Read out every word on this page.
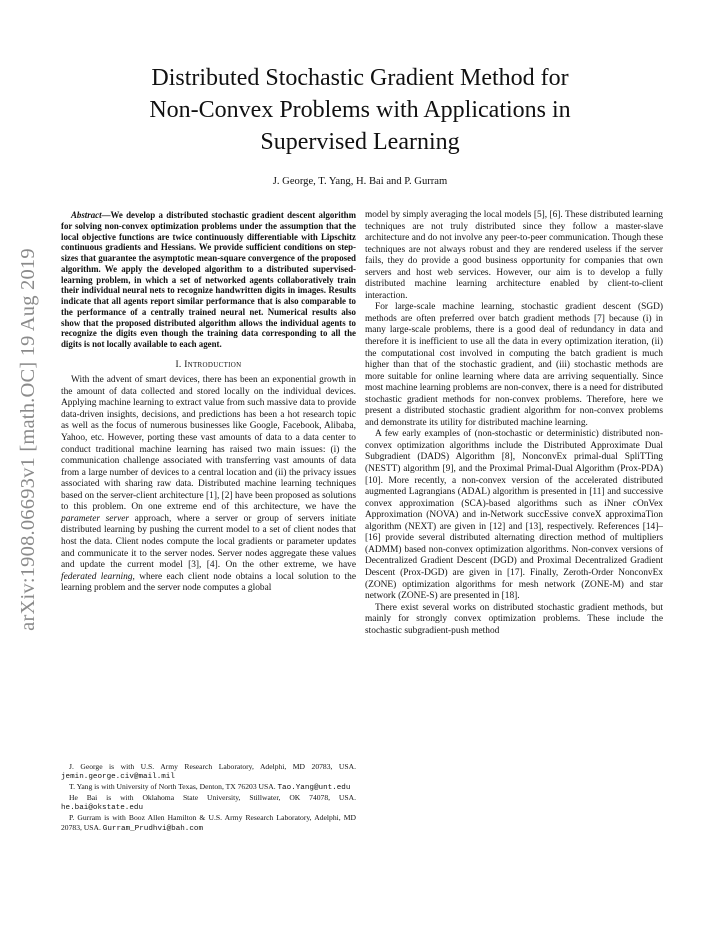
arXiv:1908.06693v1 [math.OC] 19 Aug 2019
Distributed Stochastic Gradient Method for
Non-Convex Problems with Applications in
Supervised Learning
J. George, T. Yang, H. Bai and P. Gurram

Abstract—We develop a distributed stochastic gradient descent algorithm for solving non-convex optimization problems under the assumption that the local objective functions are twice continuously differentiable with Lipschitz continuous gradients and Hessians. We provide sufficient conditions on step-sizes that guarantee the asymptotic mean-square convergence of the proposed algorithm. We apply the developed algorithm to a distributed supervised-learning problem, in which a set of networked agents collaboratively train their individual neural nets to recognize handwritten digits in images. Results indicate that all agents report similar performance that is also comparable to the performance of a centrally trained neural net. Numerical results also show that the proposed distributed algorithm allows the individual agents to recognize the digits even though the training data corresponding to all the digits is not locally available to each agent.

I. Introduction

With the advent of smart devices, there has been an exponential growth in the amount of data collected and stored locally on the individual devices. Applying machine learning to extract value from such massive data to provide data-driven insights, decisions, and predictions has been a hot research topic as well as the focus of numerous businesses like Google, Facebook, Alibaba, Yahoo, etc. However, porting these vast amounts of data to a data center to conduct traditional machine learning has raised two main issues: (i) the communication challenge associated with transferring vast amounts of data from a large number of devices to a central location and (ii) the privacy issues associated with sharing raw data. Distributed machine learning techniques based on the server-client architecture [1], [2] have been proposed as solutions to this problem. On one extreme end of this architecture, we have the parameter server approach, where a server or group of servers initiate distributed learning by pushing the current model to a set of client nodes that host the data. Client nodes compute the local gradients or parameter updates and communicate it to the server nodes. Server nodes aggregate these values and update the current model [3], [4]. On the other extreme, we have federated learning, where each client node obtains a local solution to the learning problem and the server node computes a global

J. George is with U.S. Army Research Laboratory, Adelphi, MD 20783, USA. jemin.george.civ@mail.mil

T. Yang is with University of North Texas, Denton, TX 76203 USA. Tao.Yang@unt.edu

He Bai is with Oklahoma State University, Stillwater, OK 74078, USA. he.bai@okstate.edu

P. Gurram is with Booz Allen Hamilton & U.S. Army Research Laboratory, Adelphi, MD 20783, USA. Gurram_Prudhvi@bah.com

model by simply averaging the local models [5], [6]. These distributed learning techniques are not truly distributed since they follow a master-slave architecture and do not involve any peer-to-peer communication. Though these techniques are not always robust and they are rendered useless if the server fails, they do provide a good business opportunity for companies that own servers and host web services. However, our aim is to develop a fully distributed machine learning architecture enabled by client-to-client interaction.

For large-scale machine learning, stochastic gradient descent (SGD) methods are often preferred over batch gradient methods [7] because (i) in many large-scale problems, there is a good deal of redundancy in data and therefore it is inefficient to use all the data in every optimization iteration, (ii) the computational cost involved in computing the batch gradient is much higher than that of the stochastic gradient, and (iii) stochastic methods are more suitable for online learning where data are arriving sequentially. Since most machine learning problems are non-convex, there is a need for distributed stochastic gradient methods for non-convex problems. Therefore, here we present a distributed stochastic gradient algorithm for non-convex problems and demonstrate its utility for distributed machine learning.

A few early examples of (non-stochastic or deterministic) distributed non-convex optimization algorithms include the Distributed Approximate Dual Subgradient (DADS) Algorithm [8], NonconvEx primal-dual SpliTTing (NESTT) algorithm [9], and the Proximal Primal-Dual Algorithm (Prox-PDA) [10]. More recently, a non-convex version of the accelerated distributed augmented Lagrangians (ADAL) algorithm is presented in [11] and successive convex approximation (SCA)-based algorithms such as iNner cOnVex Approximation (NOVA) and in-Network succEssive conveX approximaTion algorithm (NEXT) are given in [12] and [13], respectively. References [14]–[16] provide several distributed alternating direction method of multipliers (ADMM) based non-convex optimization algorithms. Non-convex versions of Decentralized Gradient Descent (DGD) and Proximal Decentralized Gradient Descent (Prox-DGD) are given in [17]. Finally, Zeroth-Order NonconvEx (ZONE) optimization algorithms for mesh network (ZONE-M) and star network (ZONE-S) are presented in [18].

There exist several works on distributed stochastic gradient methods, but mainly for strongly convex optimization problems. These include the stochastic subgradient-push method
